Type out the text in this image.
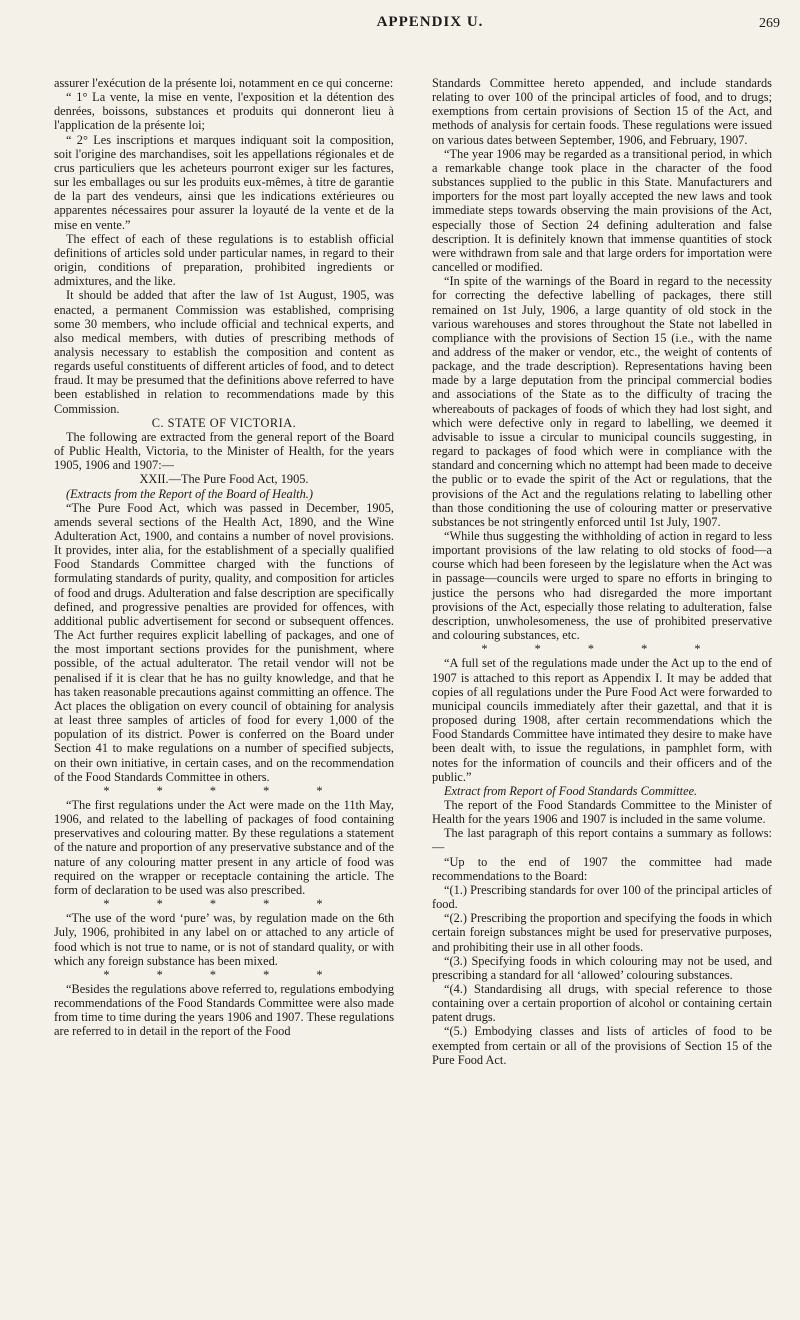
APPENDIX U.	269

assurer l'exécution de la présente loi, notamment en ce qui concerne:

“ 1° La vente, la mise en vente, l'exposition et la détention des denrées, boissons, substances et produits qui donneront lieu à l'application de la présente loi;

“ 2° Les inscriptions et marques indiquant soit la composition, soit l'origine des marchandises, soit les appellations régionales et de crus particuliers que les acheteurs pourront exiger sur les factures, sur les emballages ou sur les produits eux-mêmes, à titre de garantie de la part des vendeurs, ainsi que les indications extérieures ou apparentes nécessaires pour assurer la loyauté de la vente et de la mise en vente.”

The effect of each of these regulations is to establish official definitions of articles sold under particular names, in regard to their origin, conditions of preparation, prohibited ingredients or admixtures, and the like.

It should be added that after the law of 1st August, 1905, was enacted, a permanent Commission was established, comprising some 30 members, who include official and technical experts, and also medical members, with duties of prescribing methods of analysis necessary to establish the composition and content as regards useful constituents of different articles of food, and to detect fraud. It may be presumed that the definitions above referred to have been established in relation to recommendations made by this Commission.

C. STATE OF VICTORIA.

The following are extracted from the general report of the Board of Public Health, Victoria, to the Minister of Health, for the years 1905, 1906 and 1907:—

XXII.—The Pure Food Act, 1905.

(Extracts from the Report of the Board of Health.)

“The Pure Food Act, which was passed in December, 1905, amends several sections of the Health Act, 1890, and the Wine Adulteration Act, 1900, and contains a number of novel provisions. It provides, inter alia, for the establishment of a specially qualified Food Standards Committee charged with the functions of formulating standards of purity, quality, and composition for articles of food and drugs. Adulteration and false description are specifically defined, and progressive penalties are provided for offences, with additional public advertisement for second or subsequent offences. The Act further requires explicit labelling of packages, and one of the most important sections provides for the punishment, where possible, of the actual adulterator. The retail vendor will not be penalised if it is clear that he has no guilty knowledge, and that he has taken reasonable precautions against committing an offence. The Act places the obligation on every council of obtaining for analysis at least three samples of articles of food for every 1,000 of the population of its district. Power is conferred on the Board under Section 41 to make regulations on a number of specified subjects, on their own initiative, in certain cases, and on the recommendation of the Food Standards Committee in others.

* * * * *

“The first regulations under the Act were made on the 11th May, 1906, and related to the labelling of packages of food containing preservatives and colouring matter. By these regulations a statement of the nature and proportion of any preservative substance and of the nature of any colouring matter present in any article of food was required on the wrapper or receptacle containing the article. The form of declaration to be used was also prescribed.

* * * * *

“The use of the word ‘pure’ was, by regulation made on the 6th July, 1906, prohibited in any label on or attached to any article of food which is not true to name, or is not of standard quality, or with which any foreign substance has been mixed.

* * * * *

“Besides the regulations above referred to, regulations embodying recommendations of the Food Standards Committee were also made from time to time during the years 1906 and 1907. These regulations are referred to in detail in the report of the Food

Standards Committee hereto appended, and include standards relating to over 100 of the principal articles of food, and to drugs; exemptions from certain provisions of Section 15 of the Act, and methods of analysis for certain foods. These regulations were issued on various dates between September, 1906, and February, 1907.

“The year 1906 may be regarded as a transitional period, in which a remarkable change took place in the character of the food substances supplied to the public in this State. Manufacturers and importers for the most part loyally accepted the new laws and took immediate steps towards observing the main provisions of the Act, especially those of Section 24 defining adulteration and false description. It is definitely known that immense quantities of stock were withdrawn from sale and that large orders for importation were cancelled or modified.

“In spite of the warnings of the Board in regard to the necessity for correcting the defective labelling of packages, there still remained on 1st July, 1906, a large quantity of old stock in the various warehouses and stores throughout the State not labelled in compliance with the provisions of Section 15 (i.e., with the name and address of the maker or vendor, etc., the weight of contents of package, and the trade description). Representations having been made by a large deputation from the principal commercial bodies and associations of the State as to the difficulty of tracing the whereabouts of packages of foods of which they had lost sight, and which were defective only in regard to labelling, we deemed it advisable to issue a circular to municipal councils suggesting, in regard to packages of food which were in compliance with the standard and concerning which no attempt had been made to deceive the public or to evade the spirit of the Act or regulations, that the provisions of the Act and the regulations relating to labelling other than those conditioning the use of colouring matter or preservative substances be not stringently enforced until 1st July, 1907.

“While thus suggesting the withholding of action in regard to less important provisions of the law relating to old stocks of food—a course which had been foreseen by the legislature when the Act was in passage—councils were urged to spare no efforts in bringing to justice the persons who had disregarded the more important provisions of the Act, especially those relating to adulteration, false description, unwholesomeness, the use of prohibited preservative and colouring substances, etc.

* * * * *

“A full set of the regulations made under the Act up to the end of 1907 is attached to this report as Appendix I. It may be added that copies of all regulations under the Pure Food Act were forwarded to municipal councils immediately after their gazettal, and that it is proposed during 1908, after certain recommendations which the Food Standards Committee have intimated they desire to make have been dealt with, to issue the regulations, in pamphlet form, with notes for the information of councils and their officers and of the public.”

Extract from Report of Food Standards Committee.

The report of the Food Standards Committee to the Minister of Health for the years 1906 and 1907 is included in the same volume.

The last paragraph of this report contains a summary as follows:—

“Up to the end of 1907 the committee had made recommendations to the Board:

“(1.) Prescribing standards for over 100 of the principal articles of food.

“(2.) Prescribing the proportion and specifying the foods in which certain foreign substances might be used for preservative purposes, and prohibiting their use in all other foods.

“(3.) Specifying foods in which colouring may not be used, and prescribing a standard for all ‘allowed’ colouring substances.

“(4.) Standardising all drugs, with special reference to those containing over a certain proportion of alcohol or containing certain patent drugs.

“(5.) Embodying classes and lists of articles of food to be exempted from certain or all of the provisions of Section 15 of the Pure Food Act.
